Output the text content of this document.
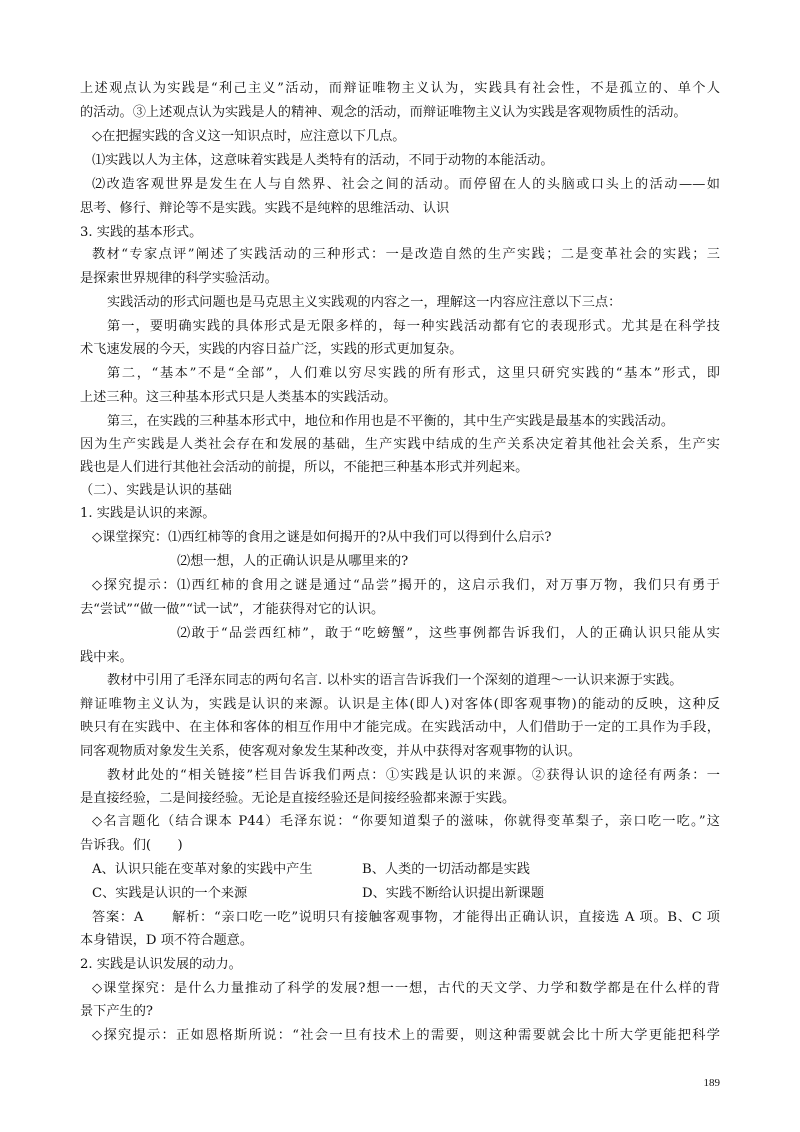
上述观点认为实践是“利己主义”活动，而辩证唯物主义认为，实践具有社会性，不是孤立的、单个人
的活动。③上述观点认为实践是人的精神、观念的活动，而辩证唯物主义认为实践是客观物质性的活动。
◇在把握实践的含义这一知识点时，应注意以下几点。
⑴实践以人为主体，这意味着实践是人类特有的活动，不同于动物的本能活动。
⑵改造客观世界是发生在人与自然界、社会之间的活动。而停留在人的头脑或口头上的活动——如
思考、修行、辩论等不是实践。实践不是纯粹的思维活动、认识
3. 实践的基本形式。
教材“专家点评”阐述了实践活动的三种形式：一是改造自然的生产实践；二是变革社会的实践；三
是探索世界规律的科学实验活动。
实践活动的形式问题也是马克思主义实践观的内容之一，理解这一内容应注意以下三点：
第一，要明确实践的具体形式是无限多样的，每一种实践活动都有它的表现形式。尤其是在科学技
术飞速发展的今天，实践的内容日益广泛，实践的形式更加复杂。
第二，“基本”不是“全部”，人们难以穷尽实践的所有形式，这里只研究实践的“基本”形式，即
上述三种。这三种基本形式只是人类基本的实践活动。
第三，在实践的三种基本形式中，地位和作用也是不平衡的，其中生产实践是最基本的实践活动。
因为生产实践是人类社会存在和发展的基础，生产实践中结成的生产关系决定着其他社会关系，生产实
践也是人们进行其他社会活动的前提，所以，不能把三种基本形式并列起来。
（二）、实践是认识的基础
1. 实践是认识的来源。
◇课堂探究：⑴西红柿等的食用之谜是如何揭开的?从中我们可以得到什么启示?
⑵想一想，人的正确认识是从哪里来的?
◇探究提示：⑴西红柿的食用之谜是通过“品尝”揭开的，这启示我们，对万事万物，我们只有勇于
去“尝试”“做一做”“试一试”，才能获得对它的认识。
⑵敢于“品尝西红柿”，敢于“吃螃蟹”，这些事例都告诉我们，人的正确认识只能从实
践中来。
教材中引用了毛泽东同志的两句名言. 以朴实的语言告诉我们一个深刻的道理～一认识来源于实践。
辩证唯物主义认为，实践是认识的来源。认识是主体(即人)对客体(即客观事物)的能动的反映，这种反
映只有在实践中、在主体和客体的相互作用中才能完成。在实践活动中，人们借助于一定的工具作为手段，
同客观物质对象发生关系，使客观对象发生某种改变，并从中获得对客观事物的认识。
教材此处的“相关链接”栏目告诉我们两点：①实践是认识的来源。②获得认识的途径有两条：一
是直接经验，二是间接经验。无论是直接经验还是间接经验都来源于实践。
◇名言题化（结合课本 P44）毛泽东说：“你要知道梨子的滋味，你就得变革梨子，亲口吃一吃。”这
告诉我。们(　　)
A、认识只能在变革对象的实践中产生	B、人类的一切活动都是实践
C、实践是认识的一个来源	D、实践不断给认识提出新课题
答案：A　　解析：“亲口吃一吃”说明只有接触客观事物，才能得出正确认识，直接选 A 项。B、C 项
本身错误，D 项不符合题意。
2. 实践是认识发展的动力。
◇课堂探究：是什么力量推动了科学的发展?想一一想，古代的天文学、力学和数学都是在什么样的背
景下产生的?
◇探究提示：正如恩格斯所说：“社会一旦有技术上的需要，则这种需要就会比十所大学更能把科学
189
